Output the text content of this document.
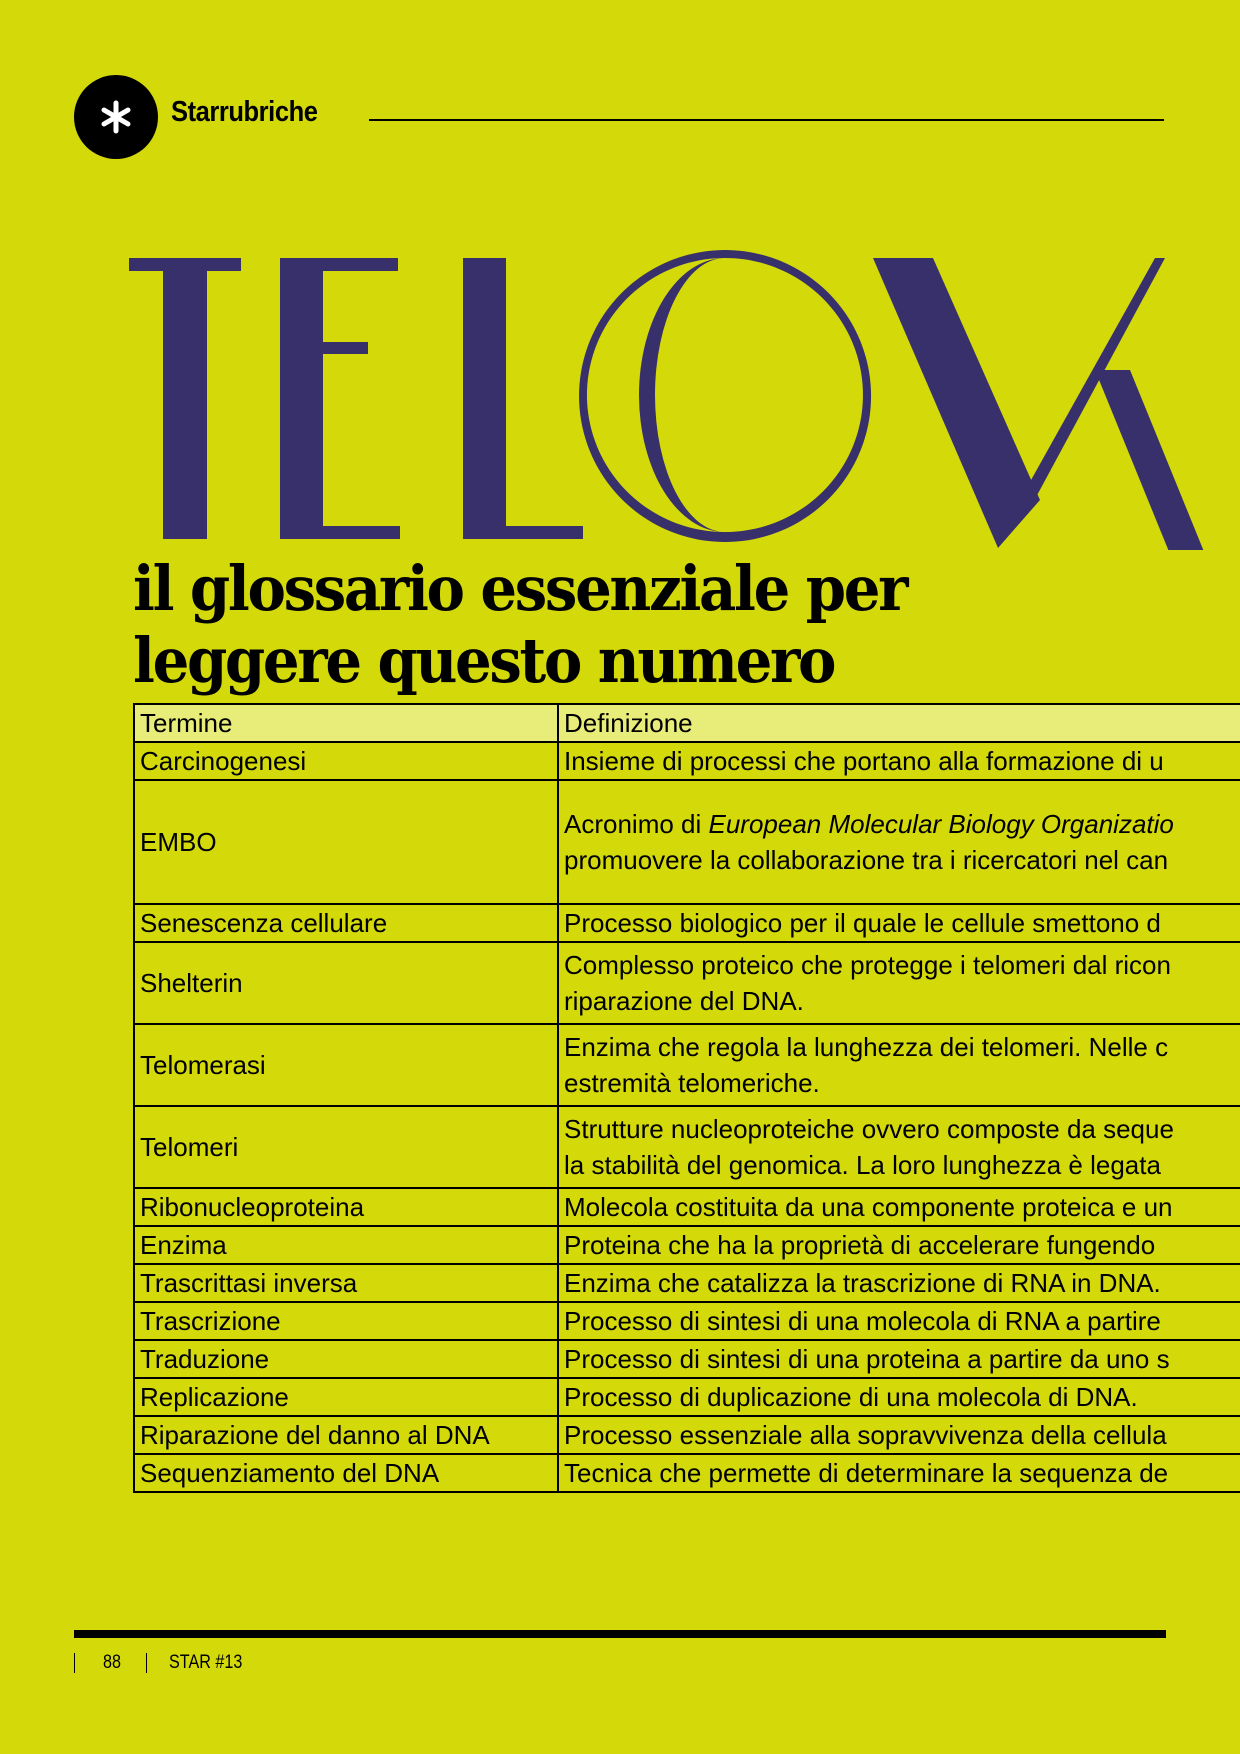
Starrubriche
il glossario essenziale per
leggere questo numero
Termine	Definizione
Carcinogenesi	Insieme di processi che portano alla formazione di u

EMBO	Acronimo di European Molecular Biology Organizatio
promuovere la collaborazione tra i ricercatori nel can

Senescenza cellulare	Processo biologico per il quale le cellule smettono d

Shelterin	Complesso proteico che protegge i telomeri dal ricon
riparazione del DNA.

Telomerasi	Enzima che regola la lunghezza dei telomeri. Nelle c
estremità telomeriche.

Telomeri	Strutture nucleoproteiche ovvero composte da seque
la stabilità del genomica. La loro lunghezza è legata

Ribonucleoproteina	Molecola costituita da una componente proteica e un

Enzima	Proteina che ha la proprietà di accelerare fungendo

Trascrittasi inversa	Enzima che catalizza la trascrizione di RNA in DNA.

Trascrizione	Processo di sintesi di una molecola di RNA a partire

Traduzione	Processo di sintesi di una proteina a partire da uno s

Replicazione	Processo di duplicazione di una molecola di DNA.

Riparazione del danno al DNA	Processo essenziale alla sopravvivenza della cellula

Sequenziamento del DNA	Tecnica che permette di determinare la sequenza de
88	STAR #13
